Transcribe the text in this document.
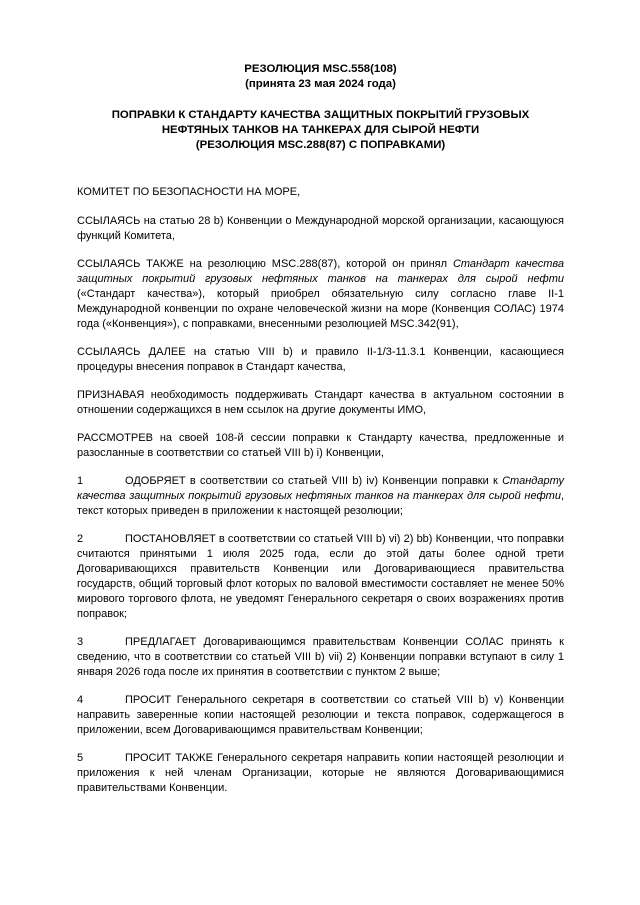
РЕЗОЛЮЦИЯ MSC.558(108)
(принята 23 мая 2024 года)
ПОПРАВКИ К СТАНДАРТУ КАЧЕСТВА ЗАЩИТНЫХ ПОКРЫТИЙ ГРУЗОВЫХ
НЕФТЯНЫХ ТАНКОВ НА ТАНКЕРАХ ДЛЯ СЫРОЙ НЕФТИ
(РЕЗОЛЮЦИЯ MSC.288(87) С ПОПРАВКАМИ)

КОМИТЕТ ПО БЕЗОПАСНОСТИ НА МОРЕ,

ССЫЛАЯСЬ на статью 28 b) Конвенции о Международной морской организации, касающуюся функций Комитета,

ССЫЛАЯСЬ ТАКЖЕ на резолюцию MSC.288(87), которой он принял Стандарт качества защитных покрытий грузовых нефтяных танков на танкерах для сырой нефти («Стандарт качества»), который приобрел обязательную силу согласно главе II-1 Международной конвенции по охране человеческой жизни на море (Конвенция СОЛАС) 1974 года («Конвенция»), с поправками, внесенными резолюцией MSC.342(91),

ССЫЛАЯСЬ ДАЛЕЕ на статью VIII b) и правило II-1/3-11.3.1 Конвенции, касающиеся процедуры внесения поправок в Стандарт качества,

ПРИЗНАВАЯ необходимость поддерживать Стандарт качества в актуальном состоянии в отношении содержащихся в нем ссылок на другие документы ИМО,

РАССМОТРЕВ на своей 108-й сессии поправки к Стандарту качества, предложенные и разосланные в соответствии со статьей VIII b) i) Конвенции,

1	ОДОБРЯЕТ в соответствии со статьей VIII b) iv) Конвенции поправки к Стандарту качества защитных покрытий грузовых нефтяных танков на танкерах для сырой нефти, текст которых приведен в приложении к настоящей резолюции;

2	ПОСТАНОВЛЯЕТ в соответствии со статьей VIII b) vi) 2) bb) Конвенции, что поправки считаются принятыми 1 июля 2025 года, если до этой даты более одной трети Договаривающихся правительств Конвенции или Договаривающиеся правительства государств, общий торговый флот которых по валовой вместимости составляет не менее 50% мирового торгового флота, не уведомят Генерального секретаря о своих возражениях против поправок;

3	ПРЕДЛАГАЕТ Договаривающимся правительствам Конвенции СОЛАС принять к сведению, что в соответствии со статьей VIII b) vii) 2) Конвенции поправки вступают в силу 1 января 2026 года после их принятия в соответствии с пунктом 2 выше;

4	ПРОСИТ Генерального секретаря в соответствии со статьей VIII b) v) Конвенции направить заверенные копии настоящей резолюции и текста поправок, содержащегося в приложении, всем Договаривающимся правительствам Конвенции;

5	ПРОСИТ ТАКЖЕ Генерального секретаря направить копии настоящей резолюции и приложения к ней членам Организации, которые не являются Договаривающимися правительствами Конвенции.
